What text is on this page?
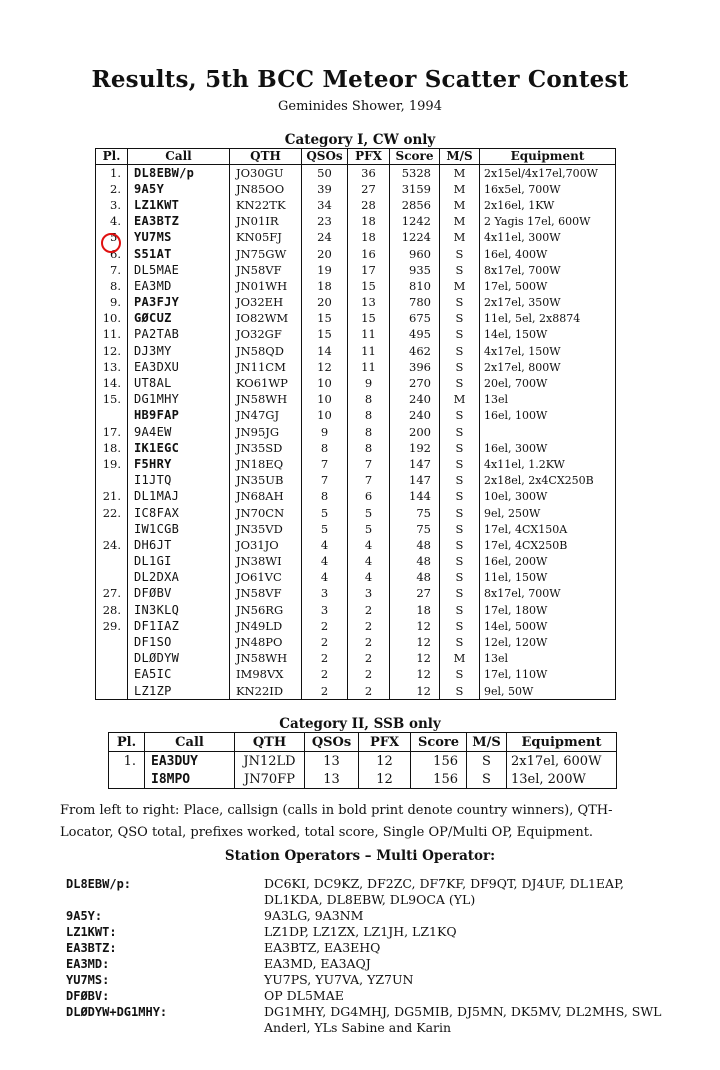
Results, 5th BCC Meteor Scatter Contest
Geminides Shower, 1994
Category I, CW only
Pl.	Call	QTH	QSOs	PFX	Score	M/S	Equipment
1.	DL8EBW/p	JO30GU	50	36	5328	M	2x15el/4x17el,700W
2.	9A5Y	JN85OO	39	27	3159	M	16x5el, 700W
3.	LZ1KWT	KN22TK	34	28	2856	M	2x16el, 1KW
4.	EA3BTZ	JN01IR	23	18	1242	M	2 Yagis 17el, 600W
5.	YU7MS	KN05FJ	24	18	1224	M	4x11el, 300W
6.	S51AT	JN75GW	20	16	960	S	16el, 400W
7.	DL5MAE	JN58VF	19	17	935	S	8x17el, 700W
8.	EA3MD	JN01WH	18	15	810	M	17el, 500W
9.	PA3FJY	JO32EH	20	13	780	S	2x17el, 350W
10.	GØCUZ	IO82WM	15	15	675	S	11el, 5el, 2x8874
11.	PA2TAB	JO32GF	15	11	495	S	14el, 150W
12.	DJ3MY	JN58QD	14	11	462	S	4x17el, 150W
13.	EA3DXU	JN11CM	12	11	396	S	2x17el, 800W
14.	UT8AL	KO61WP	10	9	270	S	20el, 700W
15.	DG1MHY	JN58WH	10	8	240	M	13el
	HB9FAP	JN47GJ	10	8	240	S	16el, 100W
17.	9A4EW	JN95JG	9	8	200	S	
18.	IK1EGC	JN35SD	8	8	192	S	16el, 300W
19.	F5HRY	JN18EQ	7	7	147	S	4x11el, 1.2KW
	I1JTQ	JN35UB	7	7	147	S	2x18el, 2x4CX250B
21.	DL1MAJ	JN68AH	8	6	144	S	10el, 300W
22.	IC8FAX	JN70CN	5	5	75	S	9el, 250W
	IW1CGB	JN35VD	5	5	75	S	17el, 4CX150A
24.	DH6JT	JO31JO	4	4	48	S	17el, 4CX250B
	DL1GI	JN38WI	4	4	48	S	16el, 200W
	DL2DXA	JO61VC	4	4	48	S	11el, 150W
27.	DFØBV	JN58VF	3	3	27	S	8x17el, 700W
28.	IN3KLQ	JN56RG	3	2	18	S	17el, 180W
29.	DF1IAZ	JN49LD	2	2	12	S	14el, 500W
	DF1SO	JN48PO	2	2	12	S	12el, 120W
	DLØDYW	JN58WH	2	2	12	M	13el
	EA5IC	IM98VX	2	2	12	S	17el, 110W
	LZ1ZP	KN22ID	2	2	12	S	9el, 50W
Category II, SSB only
Pl.	Call	QTH	QSOs	PFX	Score	M/S	Equipment
1.	EA3DUY	JN12LD	13	12	156	S	2x17el, 600W
	I8MPO	JN70FP	13	12	156	S	13el, 200W
From left to right: Place, callsign (calls in bold print denote country winners), QTH-Locator, QSO total, prefixes worked, total score, Single OP/Multi OP, Equipment.
Station Operators – Multi Operator:
DL8EBW/p:	DC6KI, DC9KZ, DF2ZC, DF7KF, DF9QT, DJ4UF, DL1EAP, DL1KDA, DL8EBW, DL9OCA (YL)
9A5Y:	9A3LG, 9A3NM
LZ1KWT:	LZ1DP, LZ1ZX, LZ1JH, LZ1KQ
EA3BTZ:	EA3BTZ, EA3EHQ
EA3MD:	EA3MD, EA3AQJ
YU7MS:	YU7PS, YU7VA, YZ7UN
DFØBV:	OP DL5MAE
DLØDYW+DG1MHY:	DG1MHY, DG4MHJ, DG5MIB, DJ5MN, DK5MV, DL2MHS, SWL Anderl, YLs Sabine and Karin
